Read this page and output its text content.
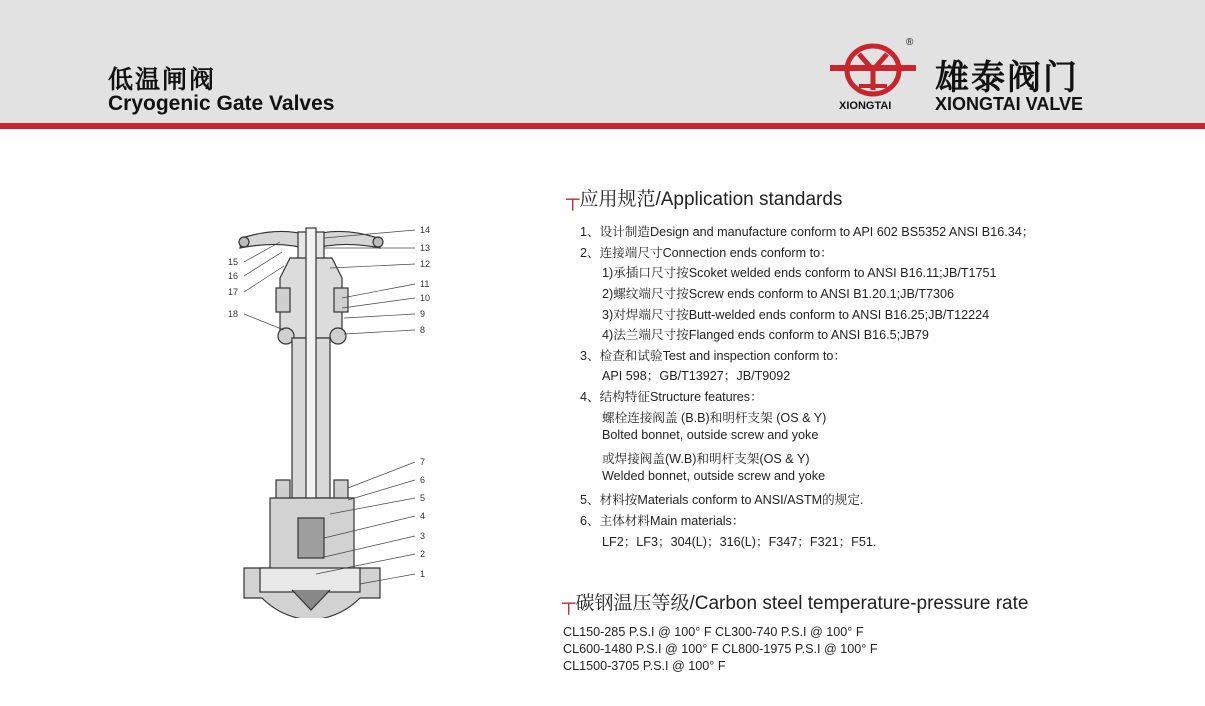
低温闸阀
Cryogenic Gate Valves
®
XIONGTAI
雄泰阀门
XIONGTAI VALVE
14
13
12
11
10
9
8
7
6
5
4
3
2
1
15
16
17
18
┬应用规范/Application standards
1、设计制造Design and manufacture conform to API 602 BS5352 ANSI B16.34；
2、连接端尺寸Connection ends conform to：
1)承插口尺寸按Scoket welded ends conform to ANSI B16.11;JB/T1751
2)螺纹端尺寸按Screw ends conform to ANSI B1.20.1;JB/T7306
3)对焊端尺寸按Butt-welded ends conform to ANSI B16.25;JB/T12224
4)法兰端尺寸按Flanged ends conform to ANSI B16.5;JB79
3、检查和试验Test and inspection conform to：
API 598；GB/T13927；JB/T9092
4、结构特征Structure features：
螺栓连接阀盖 (B.B)和明杆支架 (OS & Y)
Bolted bonnet, outside screw and yoke
或焊接阀盖(W.B)和明杆支架(OS & Y)
Welded bonnet, outside screw and yoke
5、材料按Materials conform to ANSI/ASTM的规定.
6、主体材料Main materials：
LF2；LF3；304(L)；316(L)；F347；F321；F51.
┬碳钢温压等级/Carbon steel temperature-pressure rate
CL150-285 P.S.I @ 100° F CL300-740 P.S.I @ 100° F
CL600-1480 P.S.I @ 100° F CL800-1975 P.S.I @ 100° F
CL1500-3705 P.S.I @ 100° F
